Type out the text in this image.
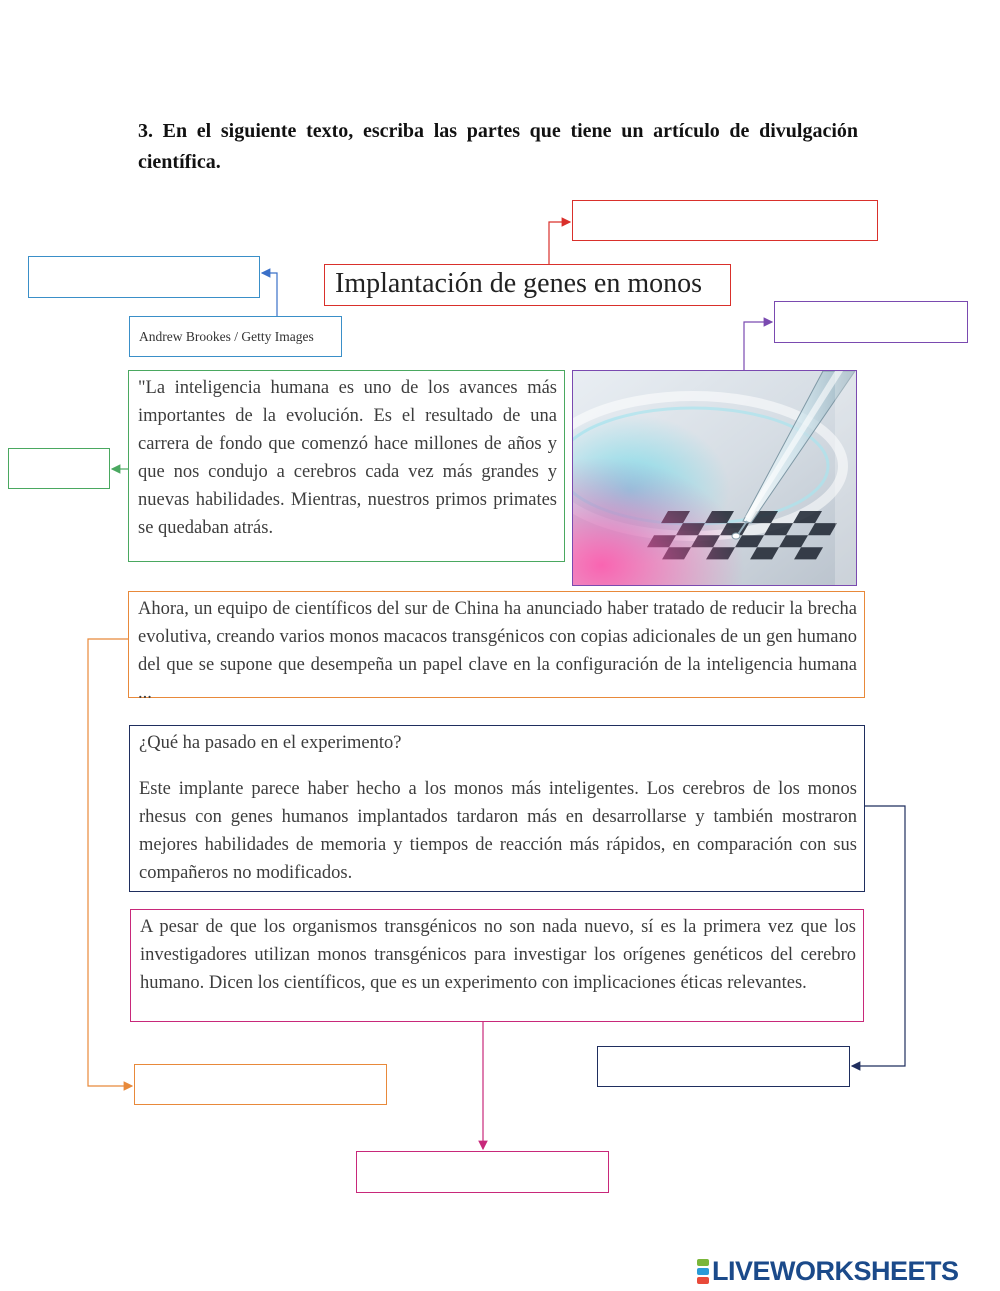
3. En el siguiente texto, escriba las partes que tiene un artículo de divulgación científica.
Implantación de genes en monos
Andrew Brookes / Getty Images

"La inteligencia humana es uno de los avances más importantes de la evolución. Es el resultado de una carrera de fondo que comenzó hace millones de años y que nos condujo a cerebros cada vez más grandes y nuevas habilidades. Mientras, nuestros primos primates se quedaban atrás.

Ahora, un equipo de científicos del sur de China ha anunciado haber tratado de reducir la brecha evolutiva, creando varios monos macacos transgénicos con copias adicionales de un gen humano del que se supone que desempeña un papel clave en la configuración de la inteligencia humana ...

¿Qué ha pasado en el experimento?

Este implante parece haber hecho a los monos más inteligentes. Los cerebros de los monos rhesus con genes humanos implantados tardaron más en desarrollarse y también mostraron mejores habilidades de memoria y tiempos de reacción más rápidos, en comparación con sus compañeros no modificados.

A pesar de que los organismos transgénicos no son nada nuevo, sí es la primera vez que los investigadores utilizan monos transgénicos para investigar los orígenes genéticos del cerebro humano. Dicen los científicos, que es un experimento con implicaciones éticas relevantes.

LIVEWORKSHEETS
